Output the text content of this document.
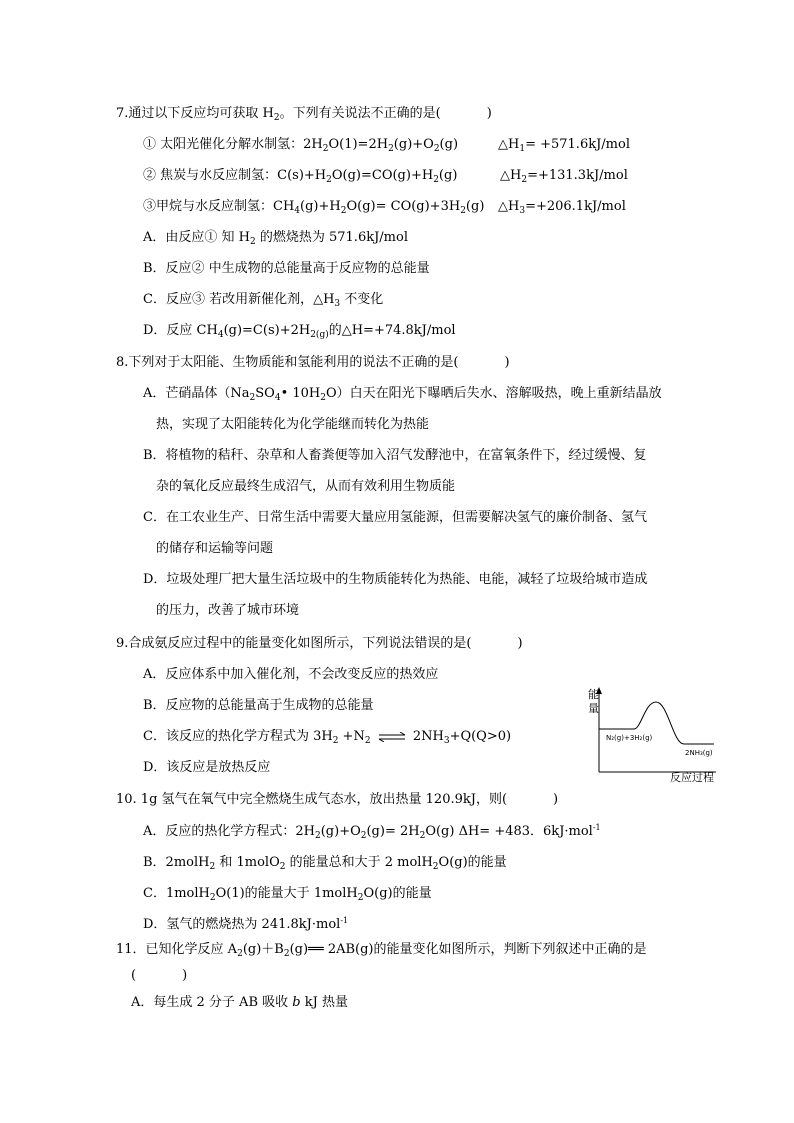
7.通过以下反应均可获取 $H_2$。下列有关说法不正确的是(	)
① 太阳光催化分解水制氢：$2H_2O(1)=2H_2(g)+O_2(g)$	$\triangle H_1= +571.6kJ/mol$
② 焦炭与水反应制氢：$C(s)+H_2O(g)=CO(g)+H_2(g)$	$\triangle H_2=+131.3kJ$/mol
③甲烷与水反应制氢：$CH_4(g)+H_2O(g)= CO(g)+3H_2(g)$ $\triangle H_3=+206.1kJ$/mol
A．由反应① 知 $H_2$ 的燃烧热为 571.6kJ/mol
B．反应② 中生成物的总能量高于反应物的总能量
C．反应③ 若改用新催化剂，$\triangle H_3$ 不变化
D．反应 $CH_4(g)=C(s)+2H_{2(g)}$的△H=+74.8kJ/mol
8.下列对于太阳能、生物质能和氢能利用的说法不正确的是(	)
A．芒硝晶体（$Na_2SO_4•$ $10H_2O$）白天在阳光下曝晒后失水、溶解吸热，晚上重新结晶放
热，实现了太阳能转化为化学能继而转化为热能
B．将植物的秸秆、杂草和人畜粪便等加入沼气发酵池中，在富氧条件下，经过缓慢、复
杂的氧化反应最终生成沼气，从而有效利用生物质能
C．在工农业生产、日常生活中需要大量应用氢能源，但需要解决氢气的廉价制备、氢气
的储存和运输等问题
D．垃圾处理厂把大量生活垃圾中的生物质能转化为热能、电能，减轻了垃圾给城市造成
的压力，改善了城市环境
9.合成氨反应过程中的能量变化如图所示，下列说法错误的是(	)
A．反应体系中加入催化剂，不会改变反应的热效应
B．反应物的总能量高于生成物的总能量
C．该反应的热化学方程式为 $3H_2 +N_2$ ⇌ $2NH_3+Q(Q>0)$
D．该反应是放热反应
能
量
N₂(g)+3H₂(g)
2NH₃(g)
反应过程
10. 1g 氢气在氧气中完全燃烧生成气态水，放出热量 120.9kJ，则(	)
A．反应的热化学方程式：$2H_2(g)+O_2(g)= 2H_2O(g)$ ΔH= +483．6kJ·mol$^{-1}$
B．2molH$_2$ 和 1molO$_2$ 的能量总和大于 2 molH$_2$O(g)的能量
C．1molH$_2$O(1)的能量大于 1molH$_2$O(g)的能量
D．氢气的燃烧热为 241.8kJ·mol$^{-1}$
11．已知化学反应 $A_2(g)+B_2(g)══$ 2AB(g)的能量变化如图所示，判断下列叙述中正确的是
(	)
A．每生成 2 分子 AB 吸收 b kJ 热量
